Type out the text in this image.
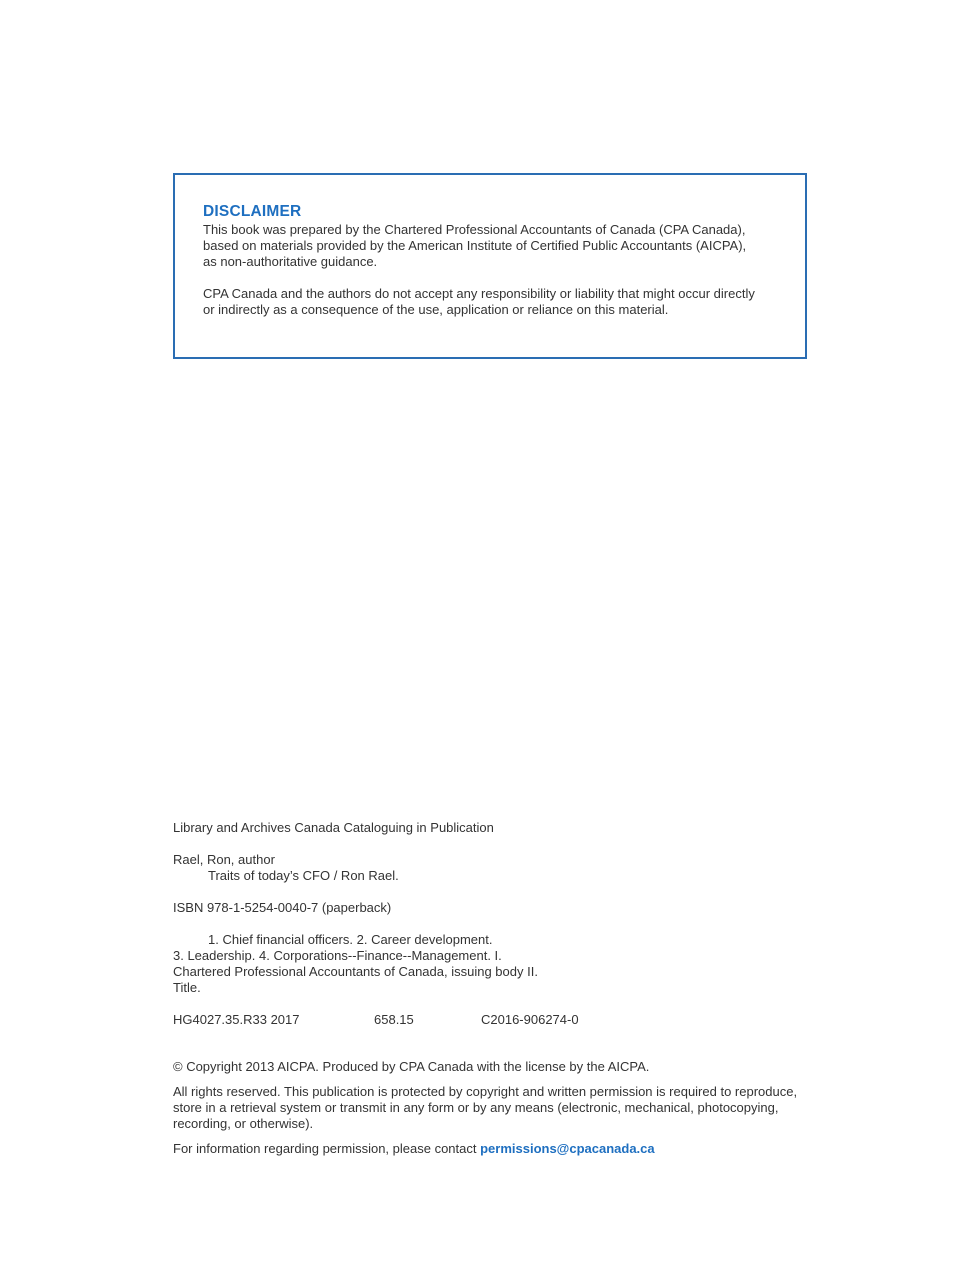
DISCLAIMER
This book was prepared by the Chartered Professional Accountants of Canada (CPA Canada), based on materials provided by the American Institute of Certified Public Accountants (AICPA), as non-authoritative guidance.
CPA Canada and the authors do not accept any responsibility or liability that might occur directly or indirectly as a consequence of the use, application or reliance on this material.
Library and Archives Canada Cataloguing in Publication
Rael, Ron, author
Traits of today’s CFO / Ron Rael.
ISBN 978-1-5254-0040-7 (paperback)
1. Chief financial officers. 2. Career development.
3. Leadership. 4. Corporations--Finance--Management. I. Chartered Professional Accountants of Canada, issuing body II. Title.
HG4027.35.R33 2017	658.15	C2016-906274-0
© Copyright 2013 AICPA. Produced by CPA Canada with the license by the AICPA.
All rights reserved. This publication is protected by copyright and written permission is required to reproduce, store in a retrieval system or transmit in any form or by any means (electronic, mechanical, photocopying, recording, or otherwise).
For information regarding permission, please contact permissions@cpacanada.ca
